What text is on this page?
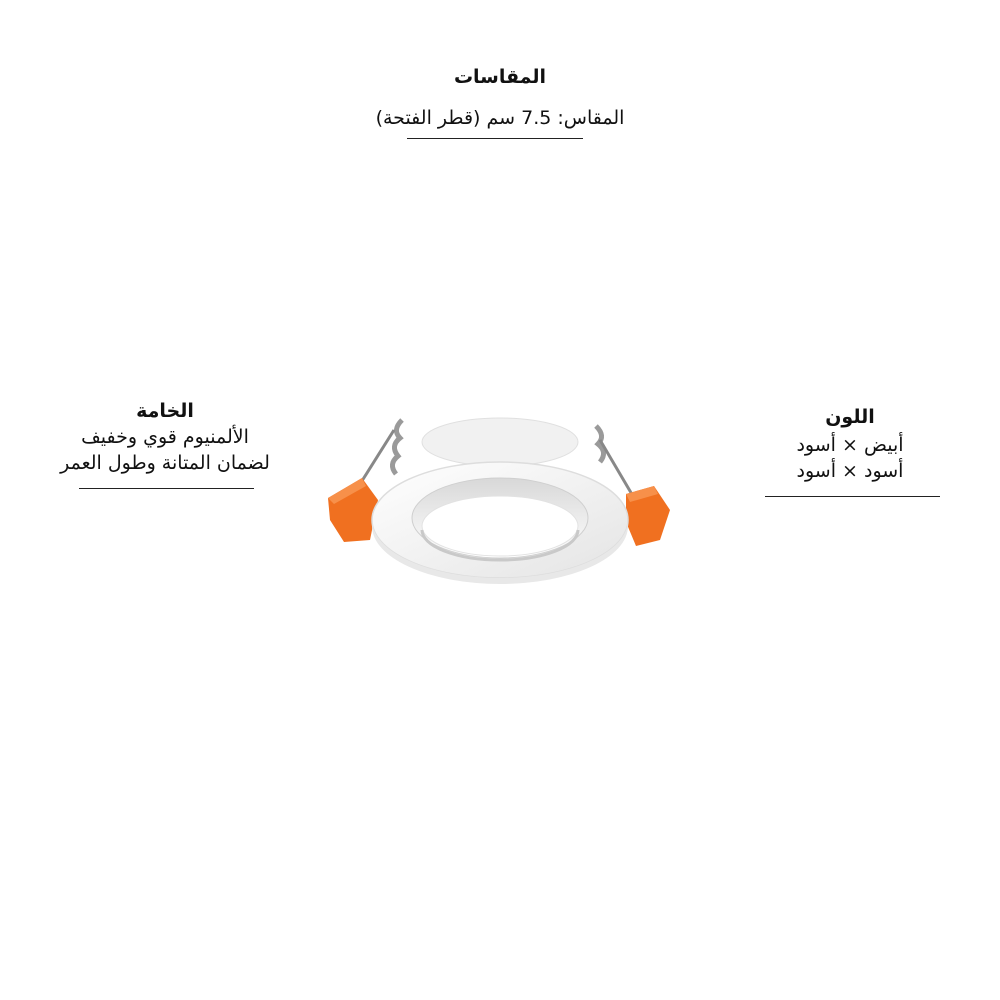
المقاسات
المقاس: 7.5 سم (قطر الفتحة)
الخامة
الألمنيوم قوي وخفيف
لضمان المتانة وطول العمر
اللون
أبيض × أسود
أسود × أسود
